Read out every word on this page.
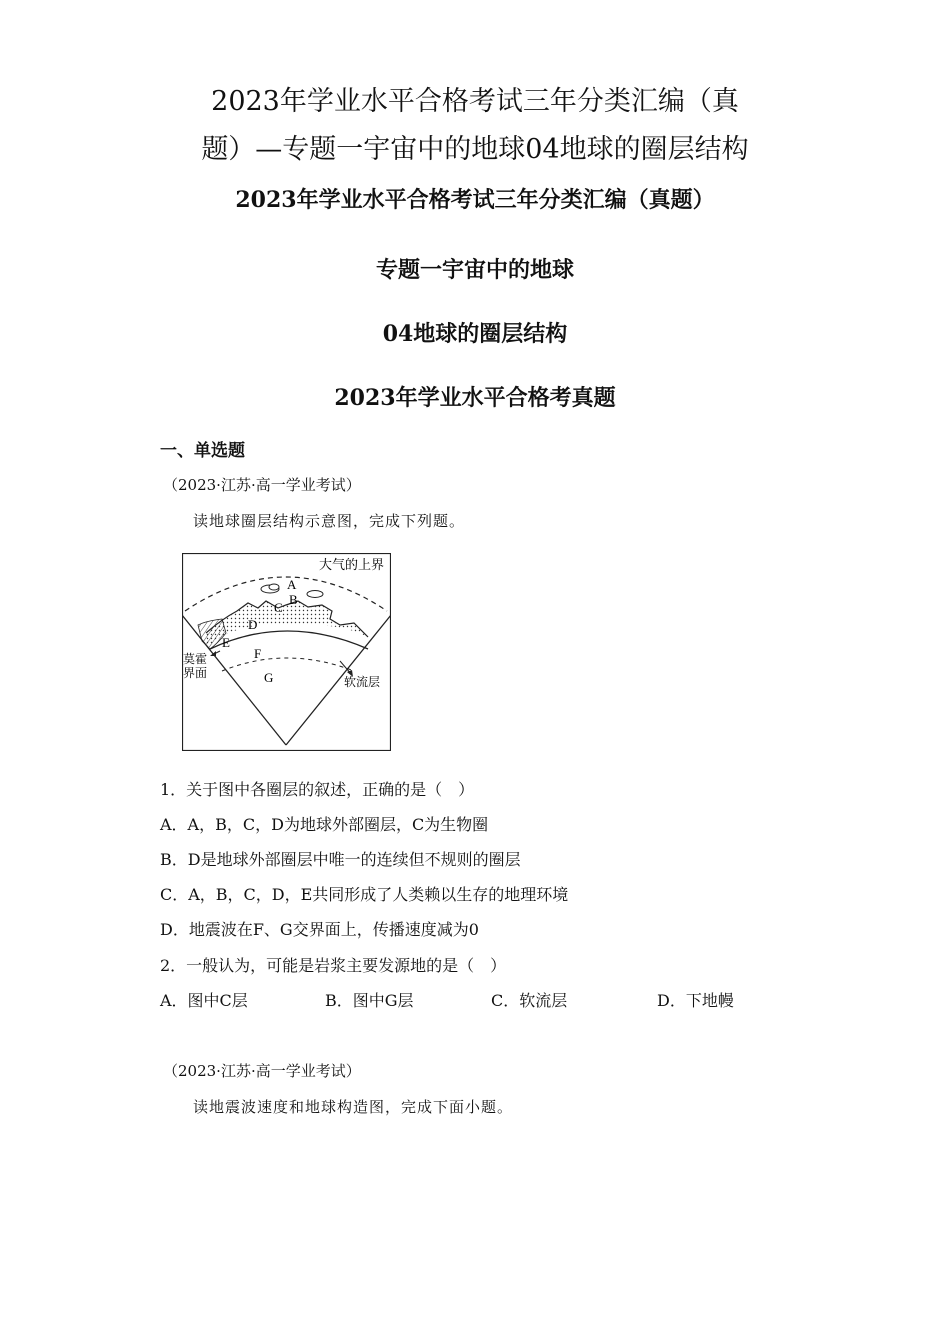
2023年学业水平合格考试三年分类汇编（真
题）—专题一宇宙中的地球04地球的圈层结构
2023年学业水平合格考试三年分类汇编（真题）
专题一宇宙中的地球
04地球的圈层结构
2023年学业水平合格考真题
一、单选题
（2023·江苏·高一学业考试）
读地球圈层结构示意图，完成下列题。
大气的上界
A
B
C
D
E
F
G
莫霍
界面
软流层
1．关于图中各圈层的叙述，正确的是（　）
A．A，B，C，D为地球外部圈层，C为生物圈
B．D是地球外部圈层中唯一的连续但不规则的圈层
C．A，B，C，D，E共同形成了人类赖以生存的地理环境
D．地震波在F、G交界面上，传播速度减为0
2．一般认为，可能是岩浆主要发源地的是（　）
A．图中C层	B．图中G层	C．软流层	D．下地幔
（2023·江苏·高一学业考试）
读地震波速度和地球构造图，完成下面小题。
